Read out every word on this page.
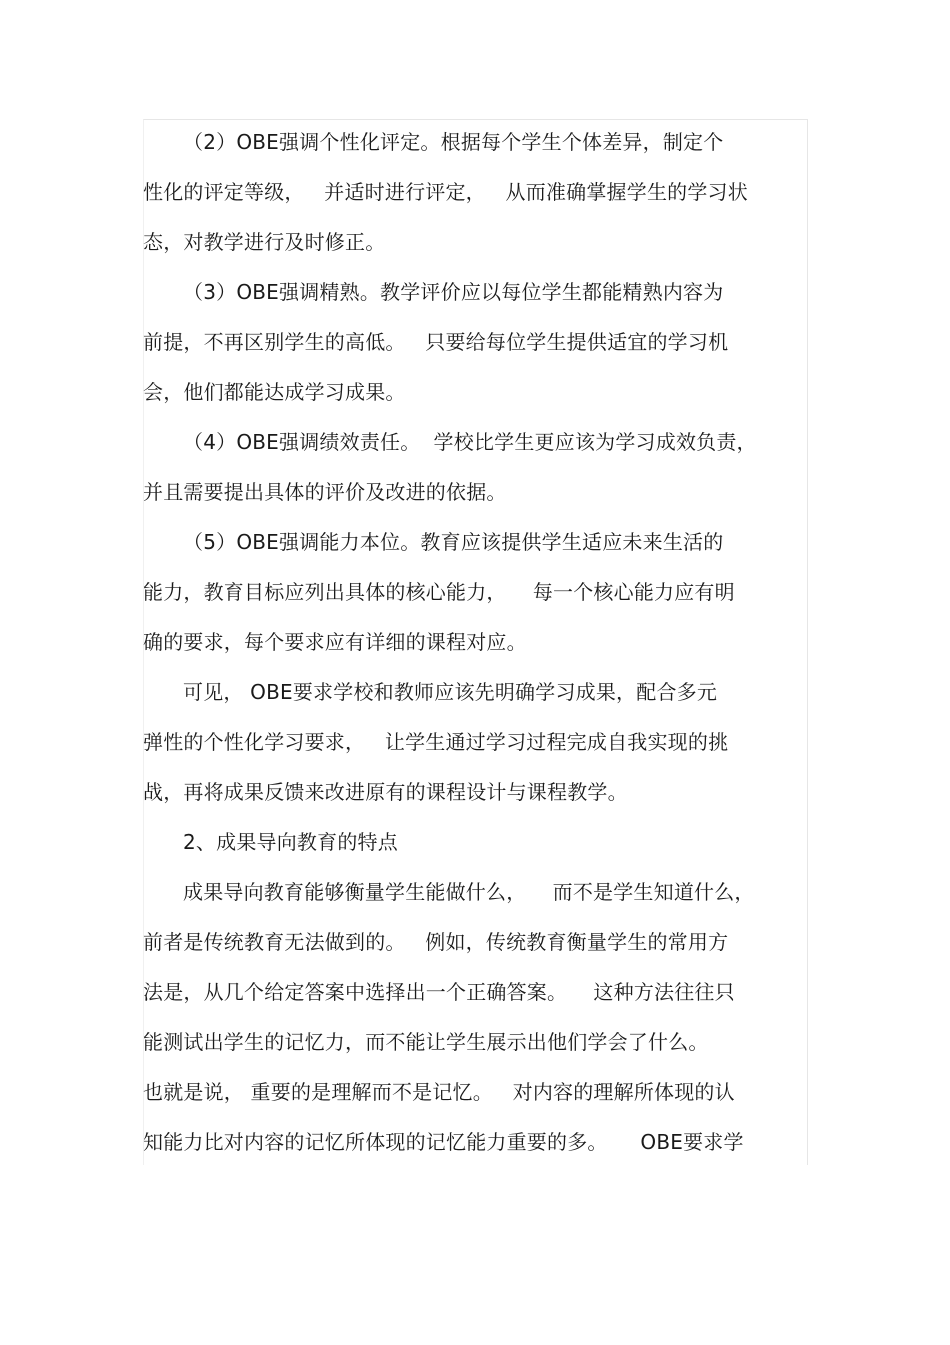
（2）OBE强调个性化评定。根据每个学生个体差异，制定个
性化的评定等级，   并适时进行评定，   从而准确掌握学生的学习状
态，对教学进行及时修正。
（3）OBE强调精熟。教学评价应以每位学生都能精熟内容为
前提，不再区别学生的高低。   只要给每位学生提供适宜的学习机
会，他们都能达成学习成果。
（4）OBE强调绩效责任。  学校比学生更应该为学习成效负责，
并且需要提出具体的评价及改进的依据。
（5）OBE强调能力本位。教育应该提供学生适应未来生活的
能力，教育目标应列出具体的核心能力，    每一个核心能力应有明
确的要求，每个要求应有详细的课程对应。
可见， OBE要求学校和教师应该先明确学习成果，配合多元
弹性的个性化学习要求，   让学生通过学习过程完成自我实现的挑
战，再将成果反馈来改进原有的课程设计与课程教学。
2、成果导向教育的特点
成果导向教育能够衡量学生能做什么，    而不是学生知道什么，
前者是传统教育无法做到的。   例如，传统教育衡量学生的常用方
法是，从几个给定答案中选择出一个正确答案。    这种方法往往只
能测试出学生的记忆力，而不能让学生展示出他们学会了什么。
也就是说， 重要的是理解而不是记忆。   对内容的理解所体现的认
知能力比对内容的记忆所体现的记忆能力重要的多。     OBE要求学
